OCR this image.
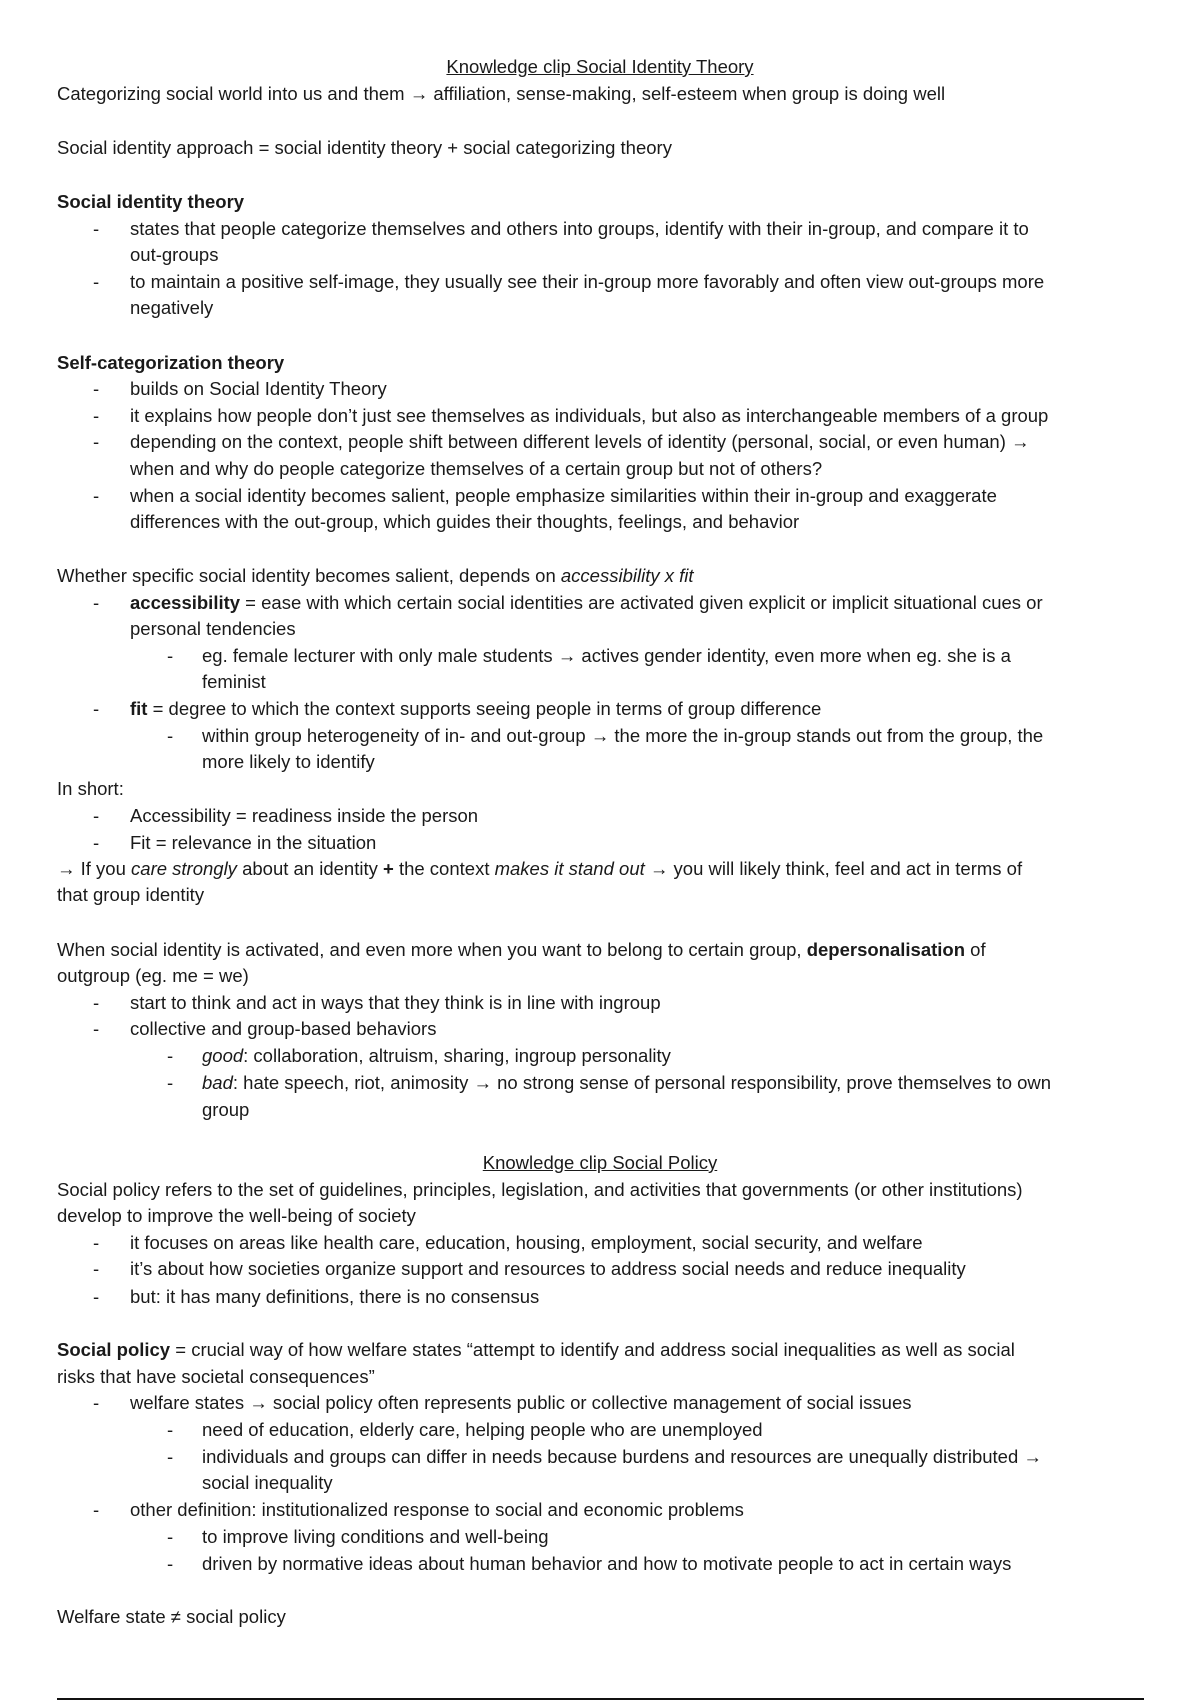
Knowledge clip Social Identity Theory
Categorizing social world into us and them → affiliation, sense-making, self-esteem when group is doing well
Social identity approach = social identity theory + social categorizing theory
Social identity theory
- states that people categorize themselves and others into groups, identify with their in-group, and compare it to
out-groups
- to maintain a positive self-image, they usually see their in-group more favorably and often view out-groups more
negatively
Self-categorization theory
- builds on Social Identity Theory
- it explains how people don’t just see themselves as individuals, but also as interchangeable members of a group
- depending on the context, people shift between different levels of identity (personal, social, or even human) →
when and why do people categorize themselves of a certain group but not of others?
- when a social identity becomes salient, people emphasize similarities within their in-group and exaggerate
differences with the out-group, which guides their thoughts, feelings, and behavior
Whether specific social identity becomes salient, depends on accessibility x fit
- accessibility = ease with which certain social identities are activated given explicit or implicit situational cues or
personal tendencies
- eg. female lecturer with only male students → actives gender identity, even more when eg. she is a
feminist
- fit = degree to which the context supports seeing people in terms of group difference
- within group heterogeneity of in- and out-group → the more the in-group stands out from the group, the
more likely to identify
In short:
- Accessibility = readiness inside the person
- Fit = relevance in the situation
→ If you care strongly about an identity + the context makes it stand out → you will likely think, feel and act in terms of
that group identity
When social identity is activated, and even more when you want to belong to certain group, depersonalisation of
outgroup (eg. me = we)
- start to think and act in ways that they think is in line with ingroup
- collective and group-based behaviors
- good: collaboration, altruism, sharing, ingroup personality
- bad: hate speech, riot, animosity → no strong sense of personal responsibility, prove themselves to own
group
Knowledge clip Social Policy
Social policy refers to the set of guidelines, principles, legislation, and activities that governments (or other institutions)
develop to improve the well-being of society
- it focuses on areas like health care, education, housing, employment, social security, and welfare
- it’s about how societies organize support and resources to address social needs and reduce inequality
- but: it has many definitions, there is no consensus
Social policy = crucial way of how welfare states “attempt to identify and address social inequalities as well as social
risks that have societal consequences”
- welfare states → social policy often represents public or collective management of social issues
- need of education, elderly care, helping people who are unemployed
- individuals and groups can differ in needs because burdens and resources are unequally distributed →
social inequality
- other definition: institutionalized response to social and economic problems
- to improve living conditions and well-being
- driven by normative ideas about human behavior and how to motivate people to act in certain ways
Welfare state ≠ social policy
